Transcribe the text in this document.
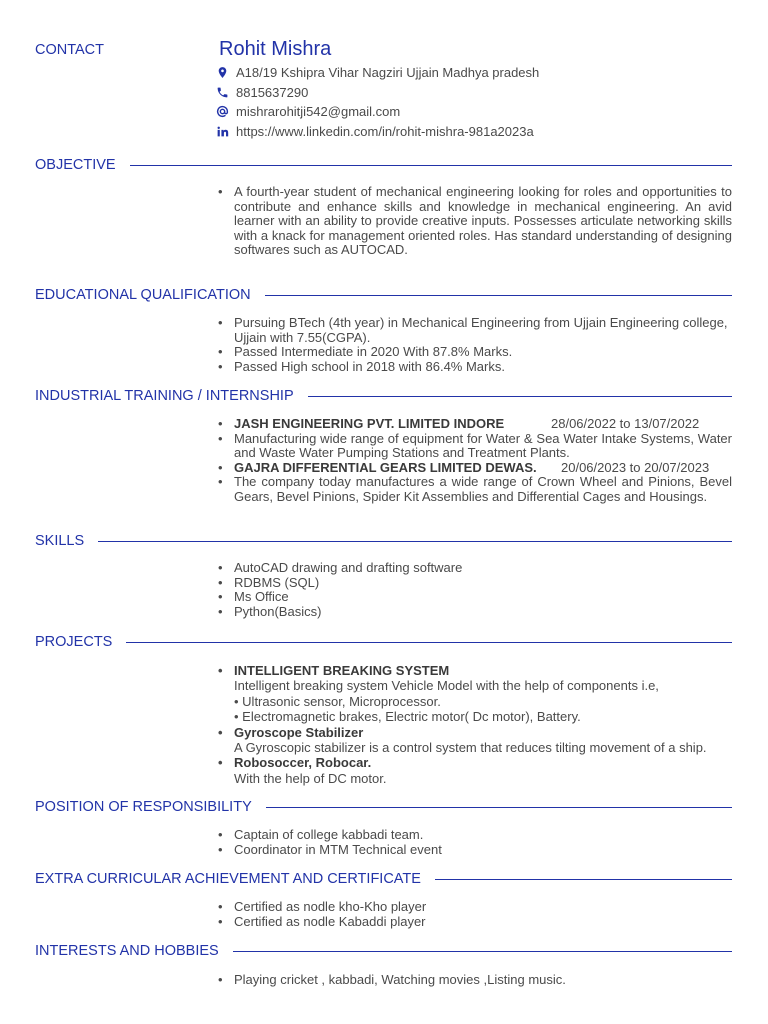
CONTACT	Rohit Mishra
A18/19 Kshipra Vihar Nagziri Ujjain Madhya pradesh
8815637290
mishrarohitji542@gmail.com
https://www.linkedin.com/in/rohit-mishra-981a2023a
OBJECTIVE
• A fourth-year student of mechanical engineering looking for roles and opportunities to contribute and enhance skills and knowledge in mechanical engineering. An avid learner with an ability to provide creative inputs. Possesses articulate networking skills with a knack for management oriented roles. Has standard understanding of designing softwares such as AUTOCAD.
EDUCATIONAL QUALIFICATION
• Pursuing BTech (4th year) in Mechanical Engineering from Ujjain Engineering college, Ujjain with 7.55(CGPA).
• Passed Intermediate in 2020 With 87.8% Marks.
• Passed High school in 2018 with 86.4% Marks.
INDUSTRIAL TRAINING / INTERNSHIP
• JASH ENGINEERING PVT. LIMITED INDORE	28/06/2022 to 13/07/2022
• Manufacturing wide range of equipment for Water & Sea Water Intake Systems, Water and Waste Water Pumping Stations and Treatment Plants.
• GAJRA DIFFERENTIAL GEARS LIMITED DEWAS. 20/06/2023 to 20/07/2023
• The company today manufactures a wide range of Crown Wheel and Pinions, Bevel Gears, Bevel Pinions, Spider Kit Assemblies and Differential Cages and Housings.
SKILLS
• AutoCAD drawing and drafting software
• RDBMS (SQL)
• Ms Office
• Python(Basics)
PROJECTS
• INTELLIGENT BREAKING SYSTEM
Intelligent breaking system Vehicle Model with the help of components i.e,
• Ultrasonic sensor, Microprocessor.
• Electromagnetic brakes, Electric motor( Dc motor), Battery.
• Gyroscope Stabilizer
A Gyroscopic stabilizer is a control system that reduces tilting movement of a ship.
• Robosoccer, Robocar.
With the help of DC motor.
POSITION OF RESPONSIBILITY
• Captain of college kabbadi team.
• Coordinator in MTM Technical event
EXTRA CURRICULAR ACHIEVEMENT AND CERTIFICATE
• Certified as nodle kho-Kho player
• Certified as nodle Kabaddi player
INTERESTS AND HOBBIES
• Playing cricket , kabbadi, Watching movies ,Listing music.
